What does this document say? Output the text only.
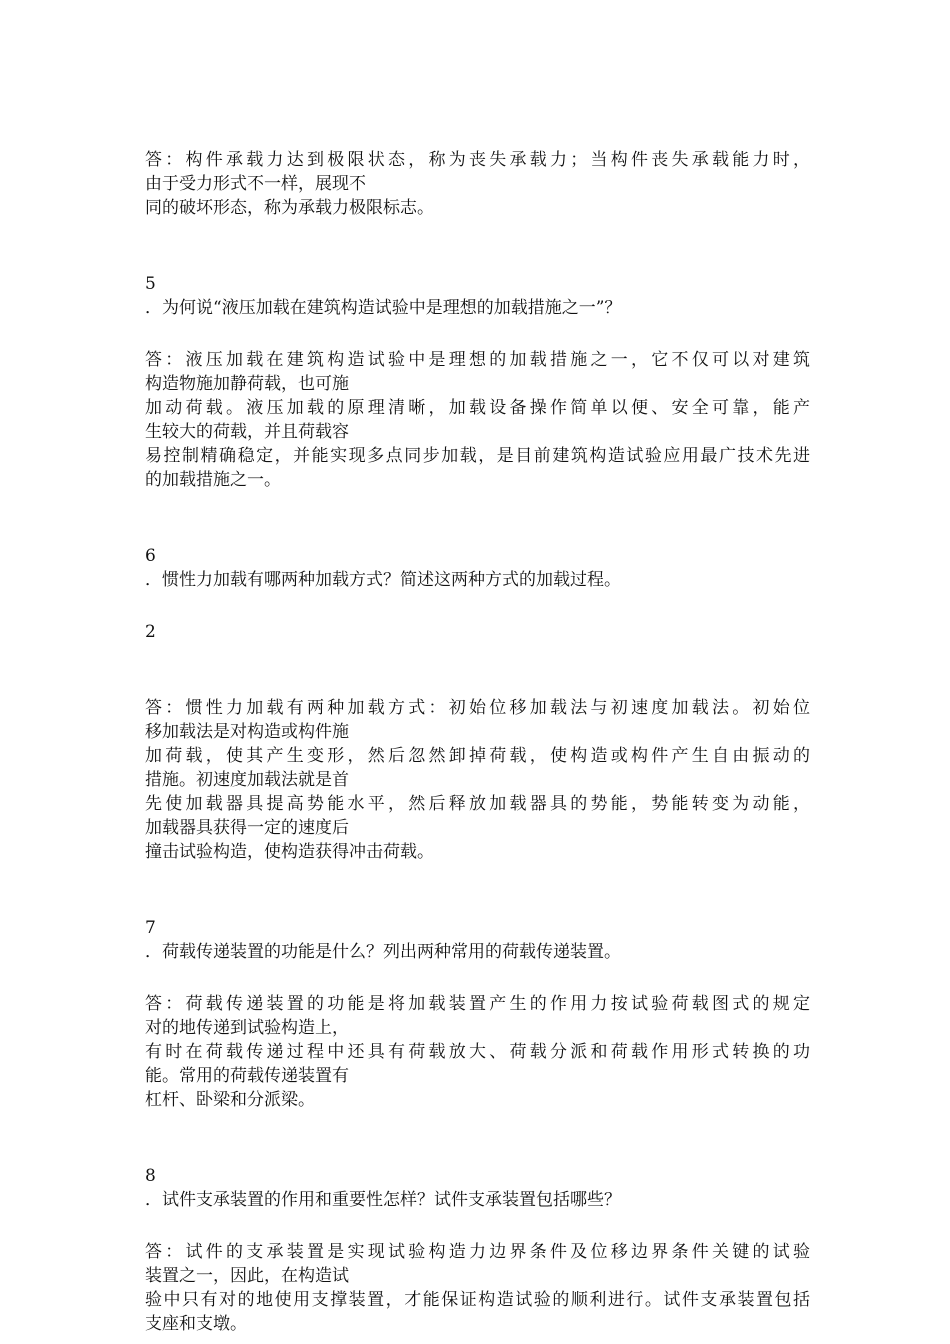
答：构件承载力达到极限状态，称为丧失承载力；当构件丧失承载能力时，
由于受力形式不一样，展现不
同的破坏形态，称为承载力极限标志。
5
．为何说“液压加载在建筑构造试验中是理想的加载措施之一”？
答：液压加载在建筑构造试验中是理想的加载措施之一，它不仅可以对建筑
构造物施加静荷载，也可施
加动荷载。液压加载的原理清晰，加载设备操作简单以便、安全可靠，能产
生较大的荷载，并且荷载容
易控制精确稳定，并能实现多点同步加载，是目前建筑构造试验应用最广技术先进
的加载措施之一。
6
．惯性力加载有哪两种加载方式？简述这两种方式的加载过程。
2
答：惯性力加载有两种加载方式：初始位移加载法与初速度加载法。初始位
移加载法是对构造或构件施
加荷载，使其产生变形，然后忽然卸掉荷载，使构造或构件产生自由振动的
措施。初速度加载法就是首
先使加载器具提高势能水平，然后释放加载器具的势能，势能转变为动能，
加载器具获得一定的速度后
撞击试验构造，使构造获得冲击荷载。
7
．荷载传递装置的功能是什么？列出两种常用的荷载传递装置。
答：荷载传递装置的功能是将加载装置产生的作用力按试验荷载图式的规定
对的地传递到试验构造上，
有时在荷载传递过程中还具有荷载放大、荷载分派和荷载作用形式转换的功
能。常用的荷载传递装置有
杠杆、卧梁和分派梁。
8
．试件支承装置的作用和重要性怎样？试件支承装置包括哪些？
答：试件的支承装置是实现试验构造力边界条件及位移边界条件关键的试验
装置之一，因此，在构造试
验中只有对的地使用支撑装置，才能保证构造试验的顺利进行。试件支承装置包括
支座和支墩。
